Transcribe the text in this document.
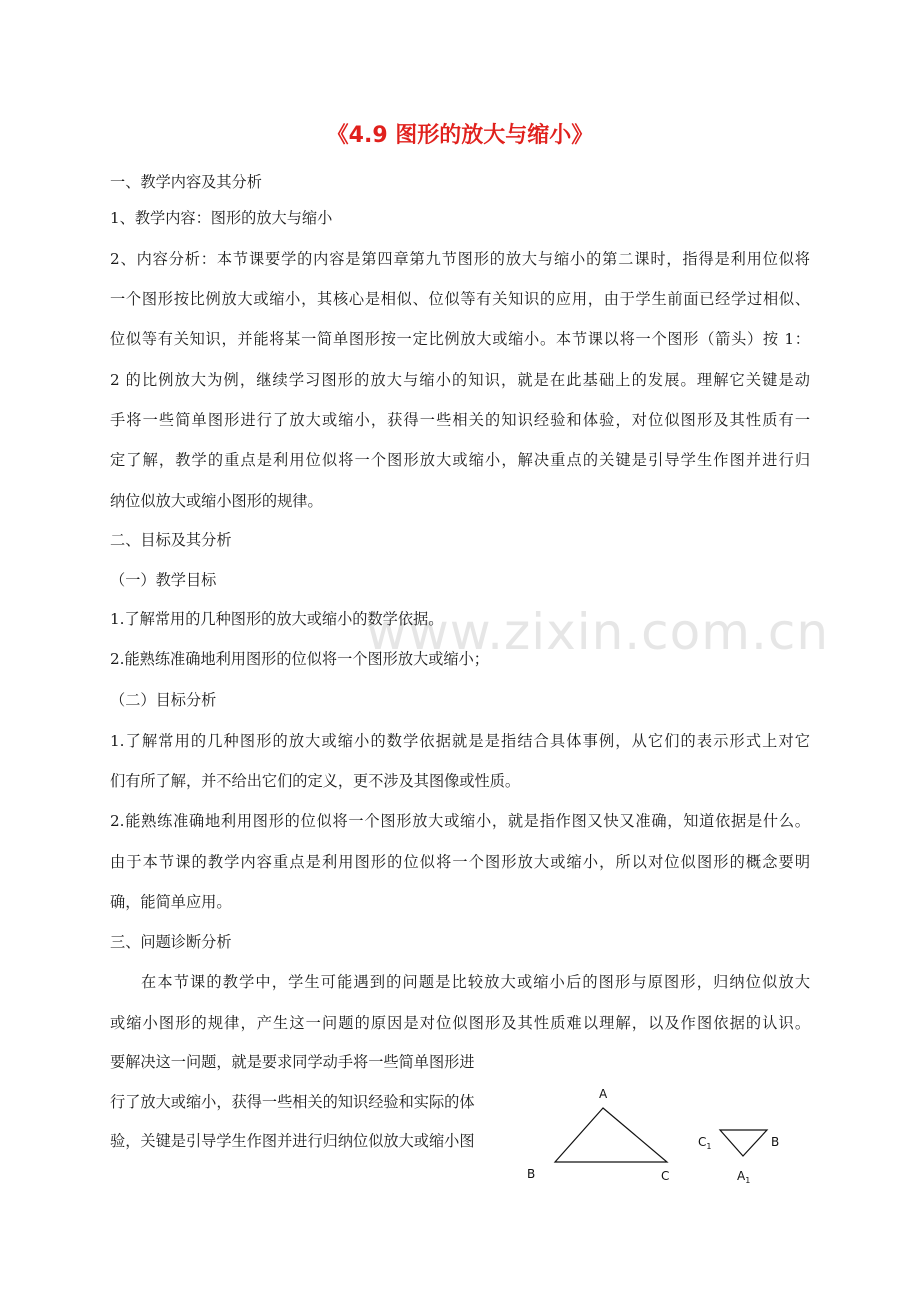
《4.9 图形的放大与缩小》
www.zixin.com.cn
一、教学内容及其分析
1、教学内容：图形的放大与缩小
2、内容分析：本节课要学的内容是第四章第九节图形的放大与缩小的第二课时，指得是利用位似将
一个图形按比例放大或缩小，其核心是相似、位似等有关知识的应用，由于学生前面已经学过相似、
位似等有关知识，并能将某一简单图形按一定比例放大或缩小。本节课以将一个图形（箭头）按 1：
2 的比例放大为例，继续学习图形的放大与缩小的知识，就是在此基础上的发展。理解它关键是动
手将一些简单图形进行了放大或缩小，获得一些相关的知识经验和体验，对位似图形及其性质有一
定了解，教学的重点是利用位似将一个图形放大或缩小，解决重点的关键是引导学生作图并进行归
纳位似放大或缩小图形的规律。
二、目标及其分析
（一）教学目标
1.了解常用的几种图形的放大或缩小的数学依据。
2.能熟练准确地利用图形的位似将一个图形放大或缩小；
（二）目标分析
1.了解常用的几种图形的放大或缩小的数学依据就是是指结合具体事例，从它们的表示形式上对它
们有所了解，并不给出它们的定义，更不涉及其图像或性质。
2.能熟练准确地利用图形的位似将一个图形放大或缩小，就是指作图又快又准确，知道依据是什么。
由于本节课的教学内容重点是利用图形的位似将一个图形放大或缩小，所以对位似图形的概念要明
确，能简单应用。
三、问题诊断分析
在本节课的教学中，学生可能遇到的问题是比较放大或缩小后的图形与原图形，归纳位似放大
或缩小图形的规律，产生这一问题的原因是对位似图形及其性质难以理解，以及作图依据的认识。
要解决这一问题，就是要求同学动手将一些简单图形进
行了放大或缩小，获得一些相关的知识经验和实际的体
验，关键是引导学生作图并进行归纳位似放大或缩小图
A
B	C
$C_1$	B
$A_1$
